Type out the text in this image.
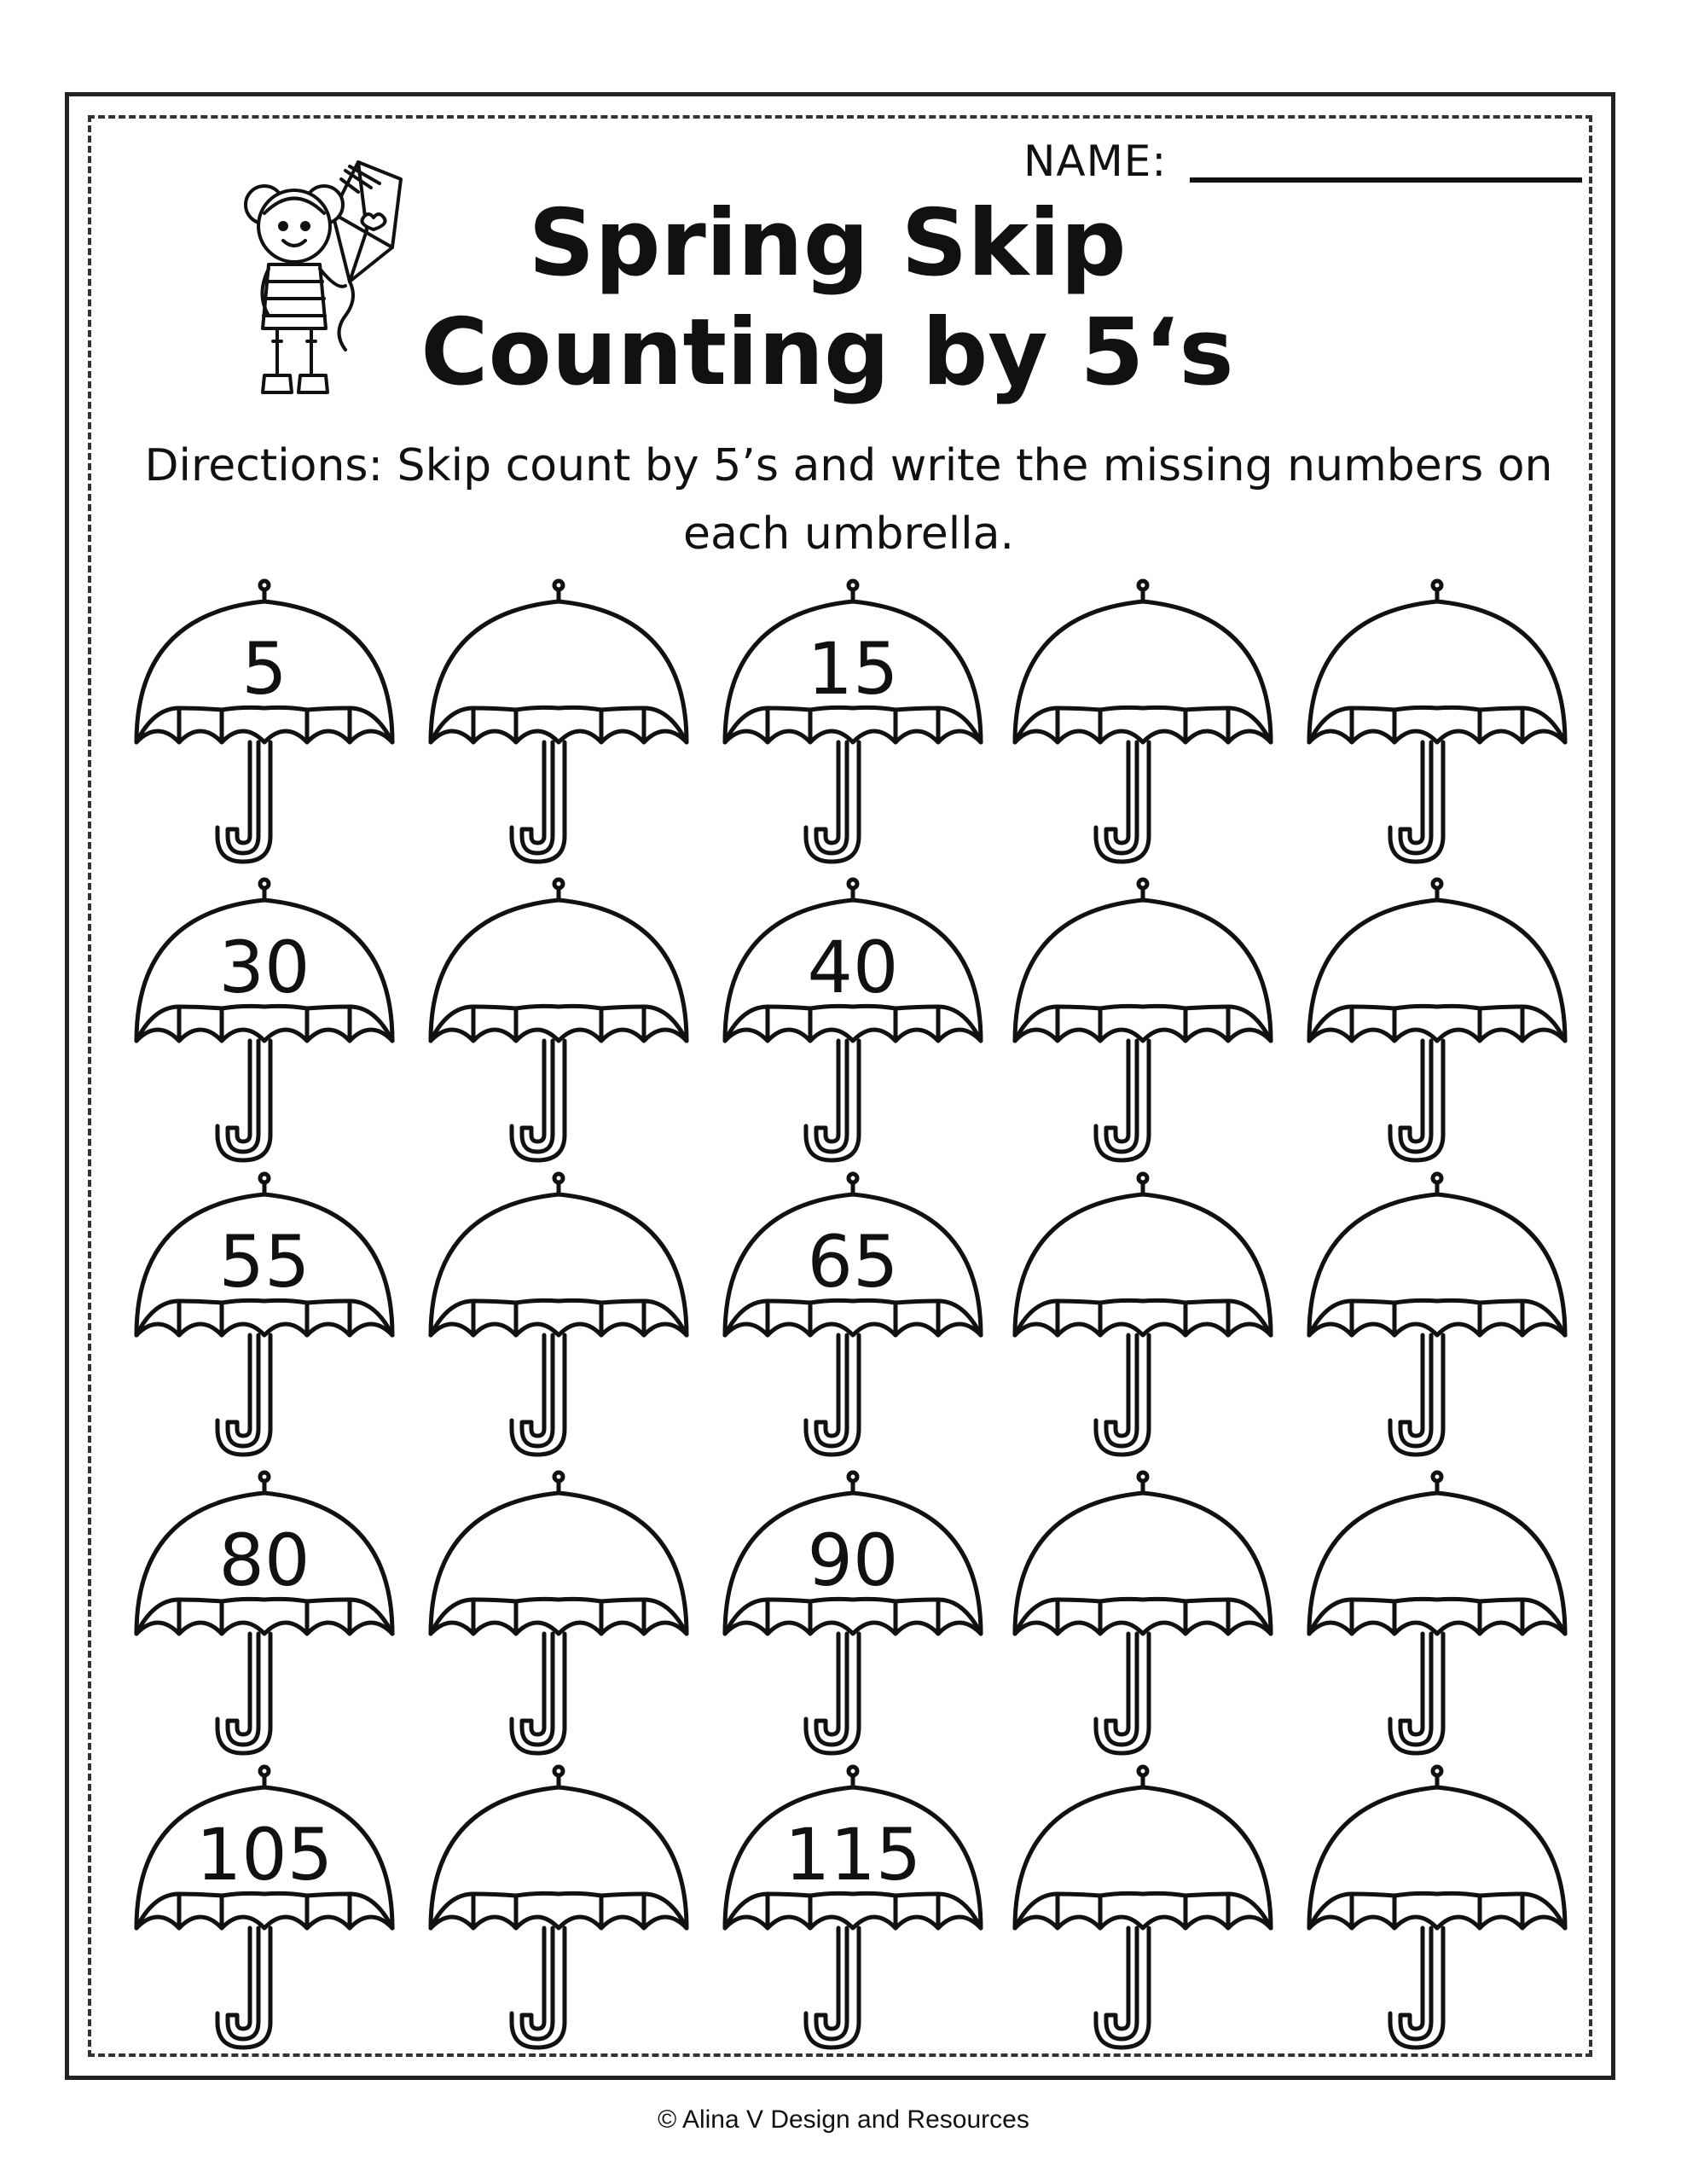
NAME:
Spring Skip
Counting by 5‘s
Directions: Skip count by 5’s and write the missing numbers on each umbrella.
5	15
30	40
55	65
80	90
105	115
© Alina V Design and Resources
